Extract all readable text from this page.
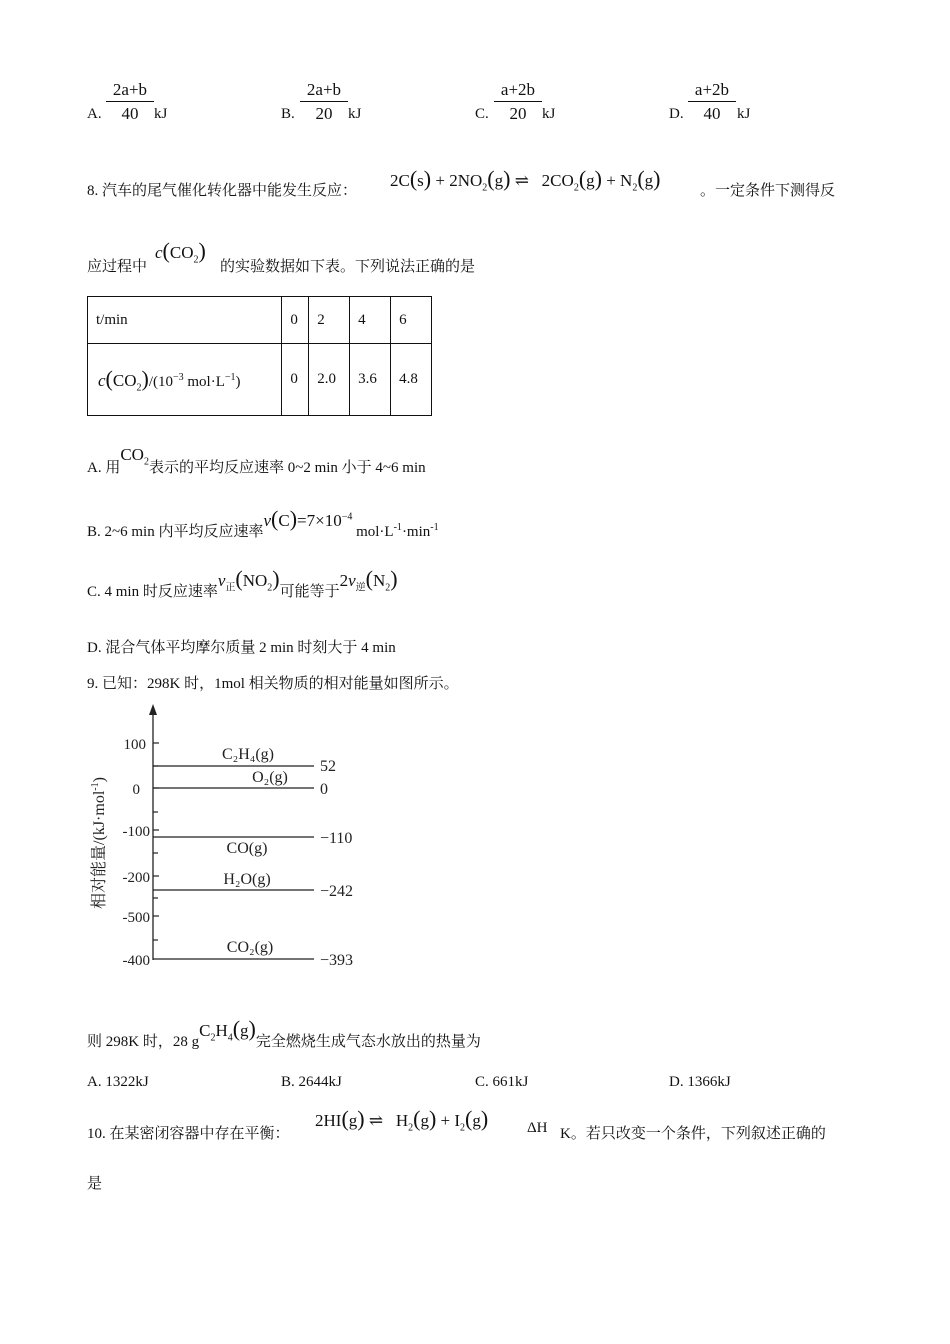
A. $\frac{2a+b}{40}$ kJ	B. $\frac{2a+b}{20}$ kJ	C. $\frac{a+2b}{20}$ kJ	D. $\frac{a+2b}{40}$ kJ
8. 汽车的尾气催化转化器中能发生反应：
$2C(s) + 2NO_2(g)$ ⇌   $2CO_2(g) + N_2(g)$	。一定条件下测得反
应过程中
$c(CO_2)$
的实验数据如下表。下列说法正确的是
t/min	0	2	4	6
$c(CO_2)/(10^{-3}$ $mol\cdot L^{-1}$)	0	2.0	3.6	4.8
A. 用$CO_2$表示的平均反应速率 0~2 min 小于 4~6 min
B. 2~6 min 内平均反应速率$v(C)=7\times 10^{-4}$ $mol\cdot L^{-1}\cdot\min^{-1}$
C. 4 min 时反应速率$v_正(NO_2)$可能等于$2v_逆(N_2)$
D. 混合气体平均摩尔质量 2 min 时刻大于 4 min
9. 已知：298K 时，1mol 相关物质的相对能量如图所示。
100
0
-100
-200
-500
-400
相对能量/(kJ·mol$^{-1}$)
C₂H₄(g)
O₂(g)
CO(g)
H₂O(g)
CO₂(g)
52
0
−110
−242
−393
则 298K 时，28 $gC_2H_4(g)$完全燃烧生成气态水放出的热量为
A. 1322kJ	B. 2644kJ	C. 661kJ	D. 1366kJ
10. 在某密闭容器中存在平衡：
2HI(g) ⇌   $H_2(g) + I_2(g)$	ΔH K。若只改变一个条件，下列叙述正确的
是
